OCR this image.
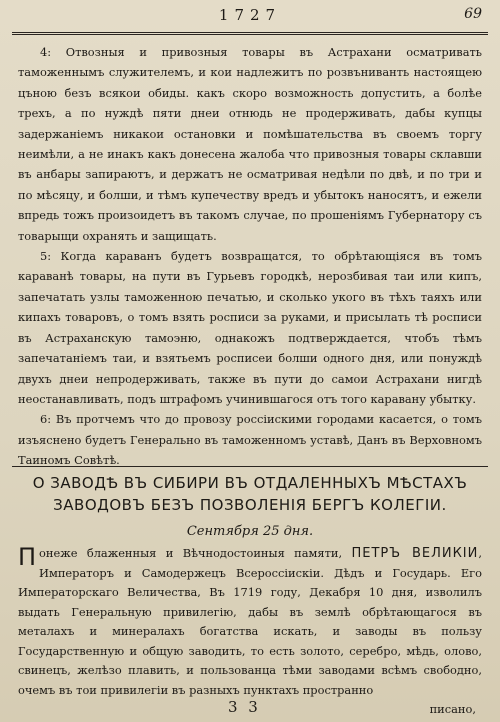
1727	69

4: Отвозныя и привозныя товары въ Астрахани осматривать таможеннымъ служителемъ, и кои надлежитъ по розвъниванть настоящею цъною безъ всякои обиды. какъ скоро возможность допустить, а болѣе трехъ, а по нуждѣ пяти днеи отнюдь не продерживать, дабы купцы задержаніемъ никакои остановки и помѣшательства въ своемъ торгу неимѣли, а не инакъ какъ донесена жалоба что привозныя товары склавши въ анбары запираютъ, и держатъ не осматривая недѣли по двѣ, и по три и по мѣсяцу, и болши, и тѣмъ купечеству вредъ и убытокъ наносятъ, и ежели впредь тожъ произоидетъ въ такомъ случае, по прошеніямъ Губернатору съ товарыщи охранять и защищать.

5: Когда караванъ будетъ возвращатся, то обрѣтающіяся въ томъ караванѣ товары, на пути въ Гурьевъ городкѣ, нерозбивая таи или кипъ, запечатать узлы таможенною печатью, и сколько укого въ тѣхъ таяхъ или кипахъ товаровъ, о томъ взять росписи за руками, и присылать тѣ росписи въ Астраханскую тамоэню, однакожъ подтверждается, чтобъ тѣмъ запечатаніемъ таи, и взятьемъ росписеи болши одного дня, или понуждѣ двухъ днеи непродерживать, также въ пути до самои Астрахани нигдѣ неостанавливать, подъ штрафомъ учинившагося отъ того каравану убытку.

6: Въ протчемъ что до провозу россіискими городами касается, о томъ изъяснено будетъ Генерально въ таможенномъ уставѣ, Данъ въ Верховномъ Таиномъ Совѣтѣ.

О ЗАВОДѢ ВЪ СИБИРИ ВЪ ОТДАЛЕННЫХЪ МѢСТАХЪ ЗАВОДОВЪ БЕЗЪ ПОЗВОЛЕНІЯ БЕРГЪ КОЛЕГІИ.
Сентября 25 дня.

Понеже блаженныя и Вѣчнодостоиныя памяти, ПЕТРЪ ВЕЛИКІИ, Императоръ и Самодержецъ Всероссіискіи. Дѣдъ и Государь. Его Императорскаго Величества, Въ 1719 году, Декабря 10 дня, изволилъ выдать Генеральную привилегію, дабы въ землѣ обрѣтающагося въ металахъ и минералахъ богатства искать, и заводы въ пользу Государственную и общую заводить, то есть золото, серебро, мѣдь, олово, свинецъ, желѣзо плавить, и пользованца тѣми заводами всѣмъ свободно, очемъ въ тои привилегіи въ разныхъ пунктахъ пространно

3 3	писано,
